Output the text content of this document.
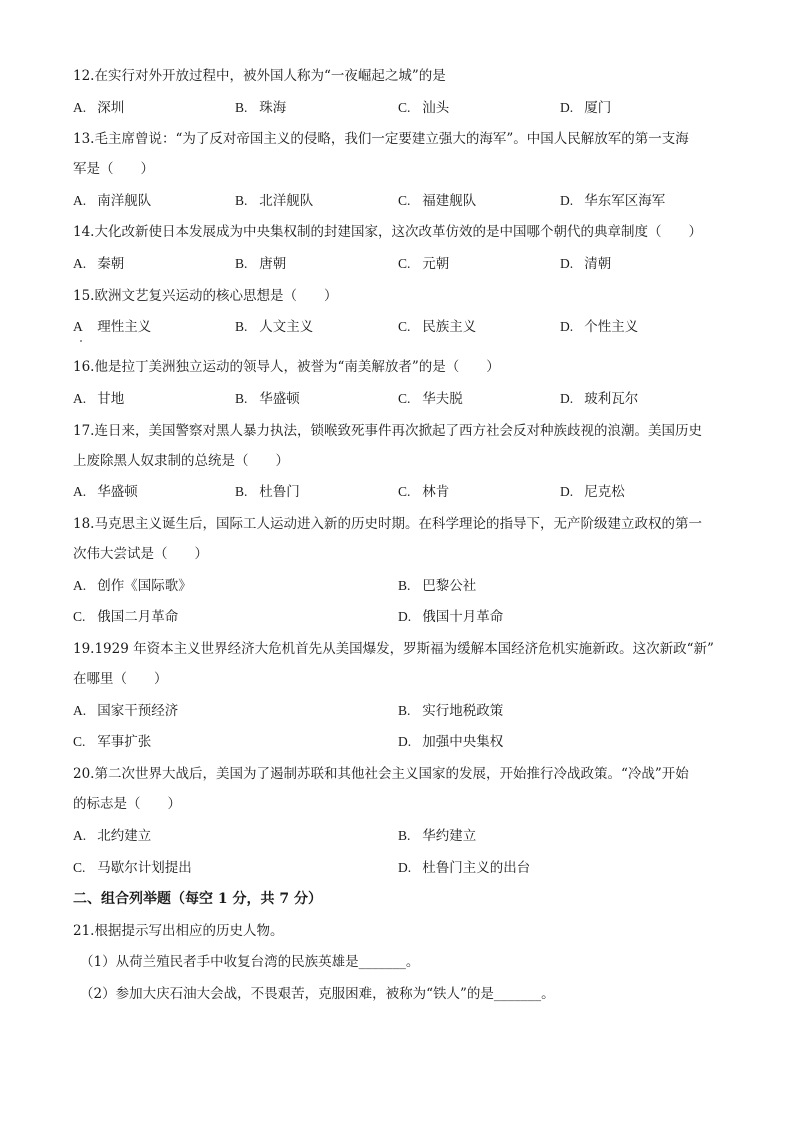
12.在实行对外开放过程中，被外国人称为“一夜崛起之城”的是
A. 深圳	B. 珠海	C. 汕头	D. 厦门
13.毛主席曾说：“为了反对帝国主义的侵略，我们一定要建立强大的海军”。中国人民解放军的第一支海
军是（　　）
A. 南洋舰队	B. 北洋舰队	C. 福建舰队	D. 华东军区海军
14.大化改新使日本发展成为中央集权制的封建国家，这次改革仿效的是中国哪个朝代的典章制度（　　）
A. 秦朝	B. 唐朝	C. 元朝	D. 清朝
15.欧洲文艺复兴运动的核心思想是（　　）
A 理性主义	B. 人文主义	C. 民族主义	D. 个性主义
16.他是拉丁美洲独立运动的领导人，被誉为“南美解放者”的是（　　）
A. 甘地	B. 华盛顿	C. 华夫脱	D. 玻利瓦尔
17.连日来，美国警察对黑人暴力执法，锁喉致死事件再次掀起了西方社会反对种族歧视的浪潮。美国历史
上废除黑人奴隶制的总统是（　　）
A. 华盛顿	B. 杜鲁门	C. 林肯	D. 尼克松
18.马克思主义诞生后，国际工人运动进入新的历史时期。在科学理论的指导下，无产阶级建立政权的第一
次伟大尝试是（　　）
A. 创作《国际歌》	B. 巴黎公社
C. 俄国二月革命	D. 俄国十月革命
19.1929 年资本主义世界经济大危机首先从美国爆发，罗斯福为缓解本国经济危机实施新政。这次新政“新”
在哪里（　　）
A. 国家干预经济	B. 实行地税政策
C. 军事扩张	D. 加强中央集权
20.第二次世界大战后，美国为了遏制苏联和其他社会主义国家的发展，开始推行冷战政策。“冷战”开始
的标志是（　　）
A. 北约建立	B. 华约建立
C. 马歇尔计划提出	D. 杜鲁门主义的出台
二、组合列举题（每空 1 分，共 7 分）
21.根据提示写出相应的历史人物。
（1）从荷兰殖民者手中收复台湾的民族英雄是_______。
（2）参加大庆石油大会战，不畏艰苦，克服困难，被称为“铁人”的是_______。
